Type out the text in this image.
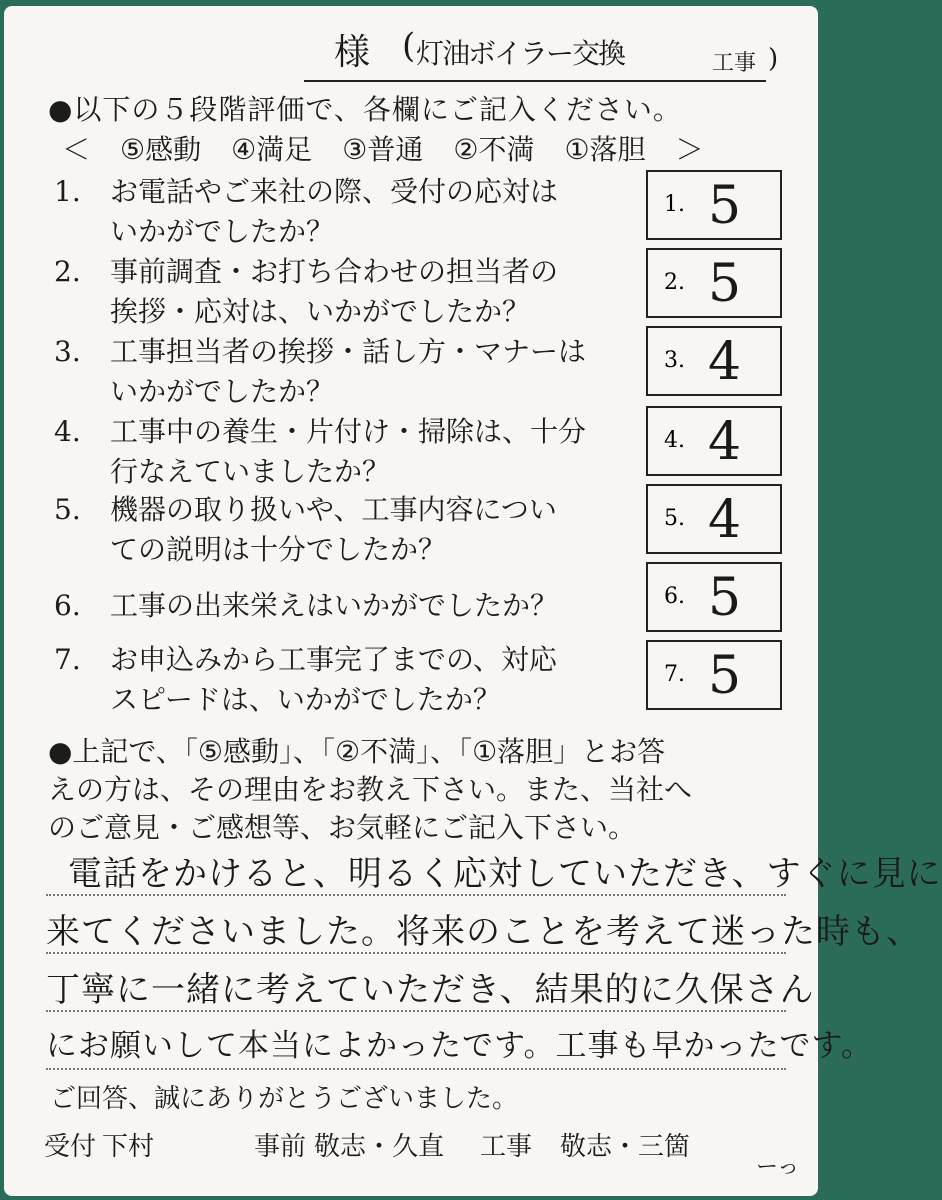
様 ( 灯油ボイラー交換	工事 )
●以下の５段階評価で、各欄にご記入ください。
＜ ⑤感動 ④満足 ③普通 ②不満 ①落胆 ＞
1.	お電話やご来社の際、受付の応対は
いかがでしたか？
1. 5
2.	事前調査・お打ち合わせの担当者の
挨拶・応対は、いかがでしたか？
2. 5
3.	工事担当者の挨拶・話し方・マナーは
いかがでしたか？
3. 4
4.	工事中の養生・片付け・掃除は、十分
行なえていましたか？
4. 4
5.	機器の取り扱いや、工事内容につい
ての説明は十分でしたか？
5. 4
6.	工事の出来栄えはいかがでしたか？	6. 5
7.	お申込みから工事完了までの、対応
スピードは、いかがでしたか？
7. 5
●上記で、「⑤感動」、「②不満」、「①落胆」とお答
えの方は、その理由をお教え下さい。また、当社へ
のご意見・ご感想等、お気軽にご記入下さい。
電話をかけると、明るく応対していただき、すぐに見に
来てくださいました。将来のことを考えて迷った時も、
丁寧に一緒に考えていただき、結果的に久保さん
にお願いして本当によかったです。工事も早かったです。
ご回答、誠にありがとうございました。
受付 下村	事前 敬志・久直 工事 敬志・三箇
ーっ
